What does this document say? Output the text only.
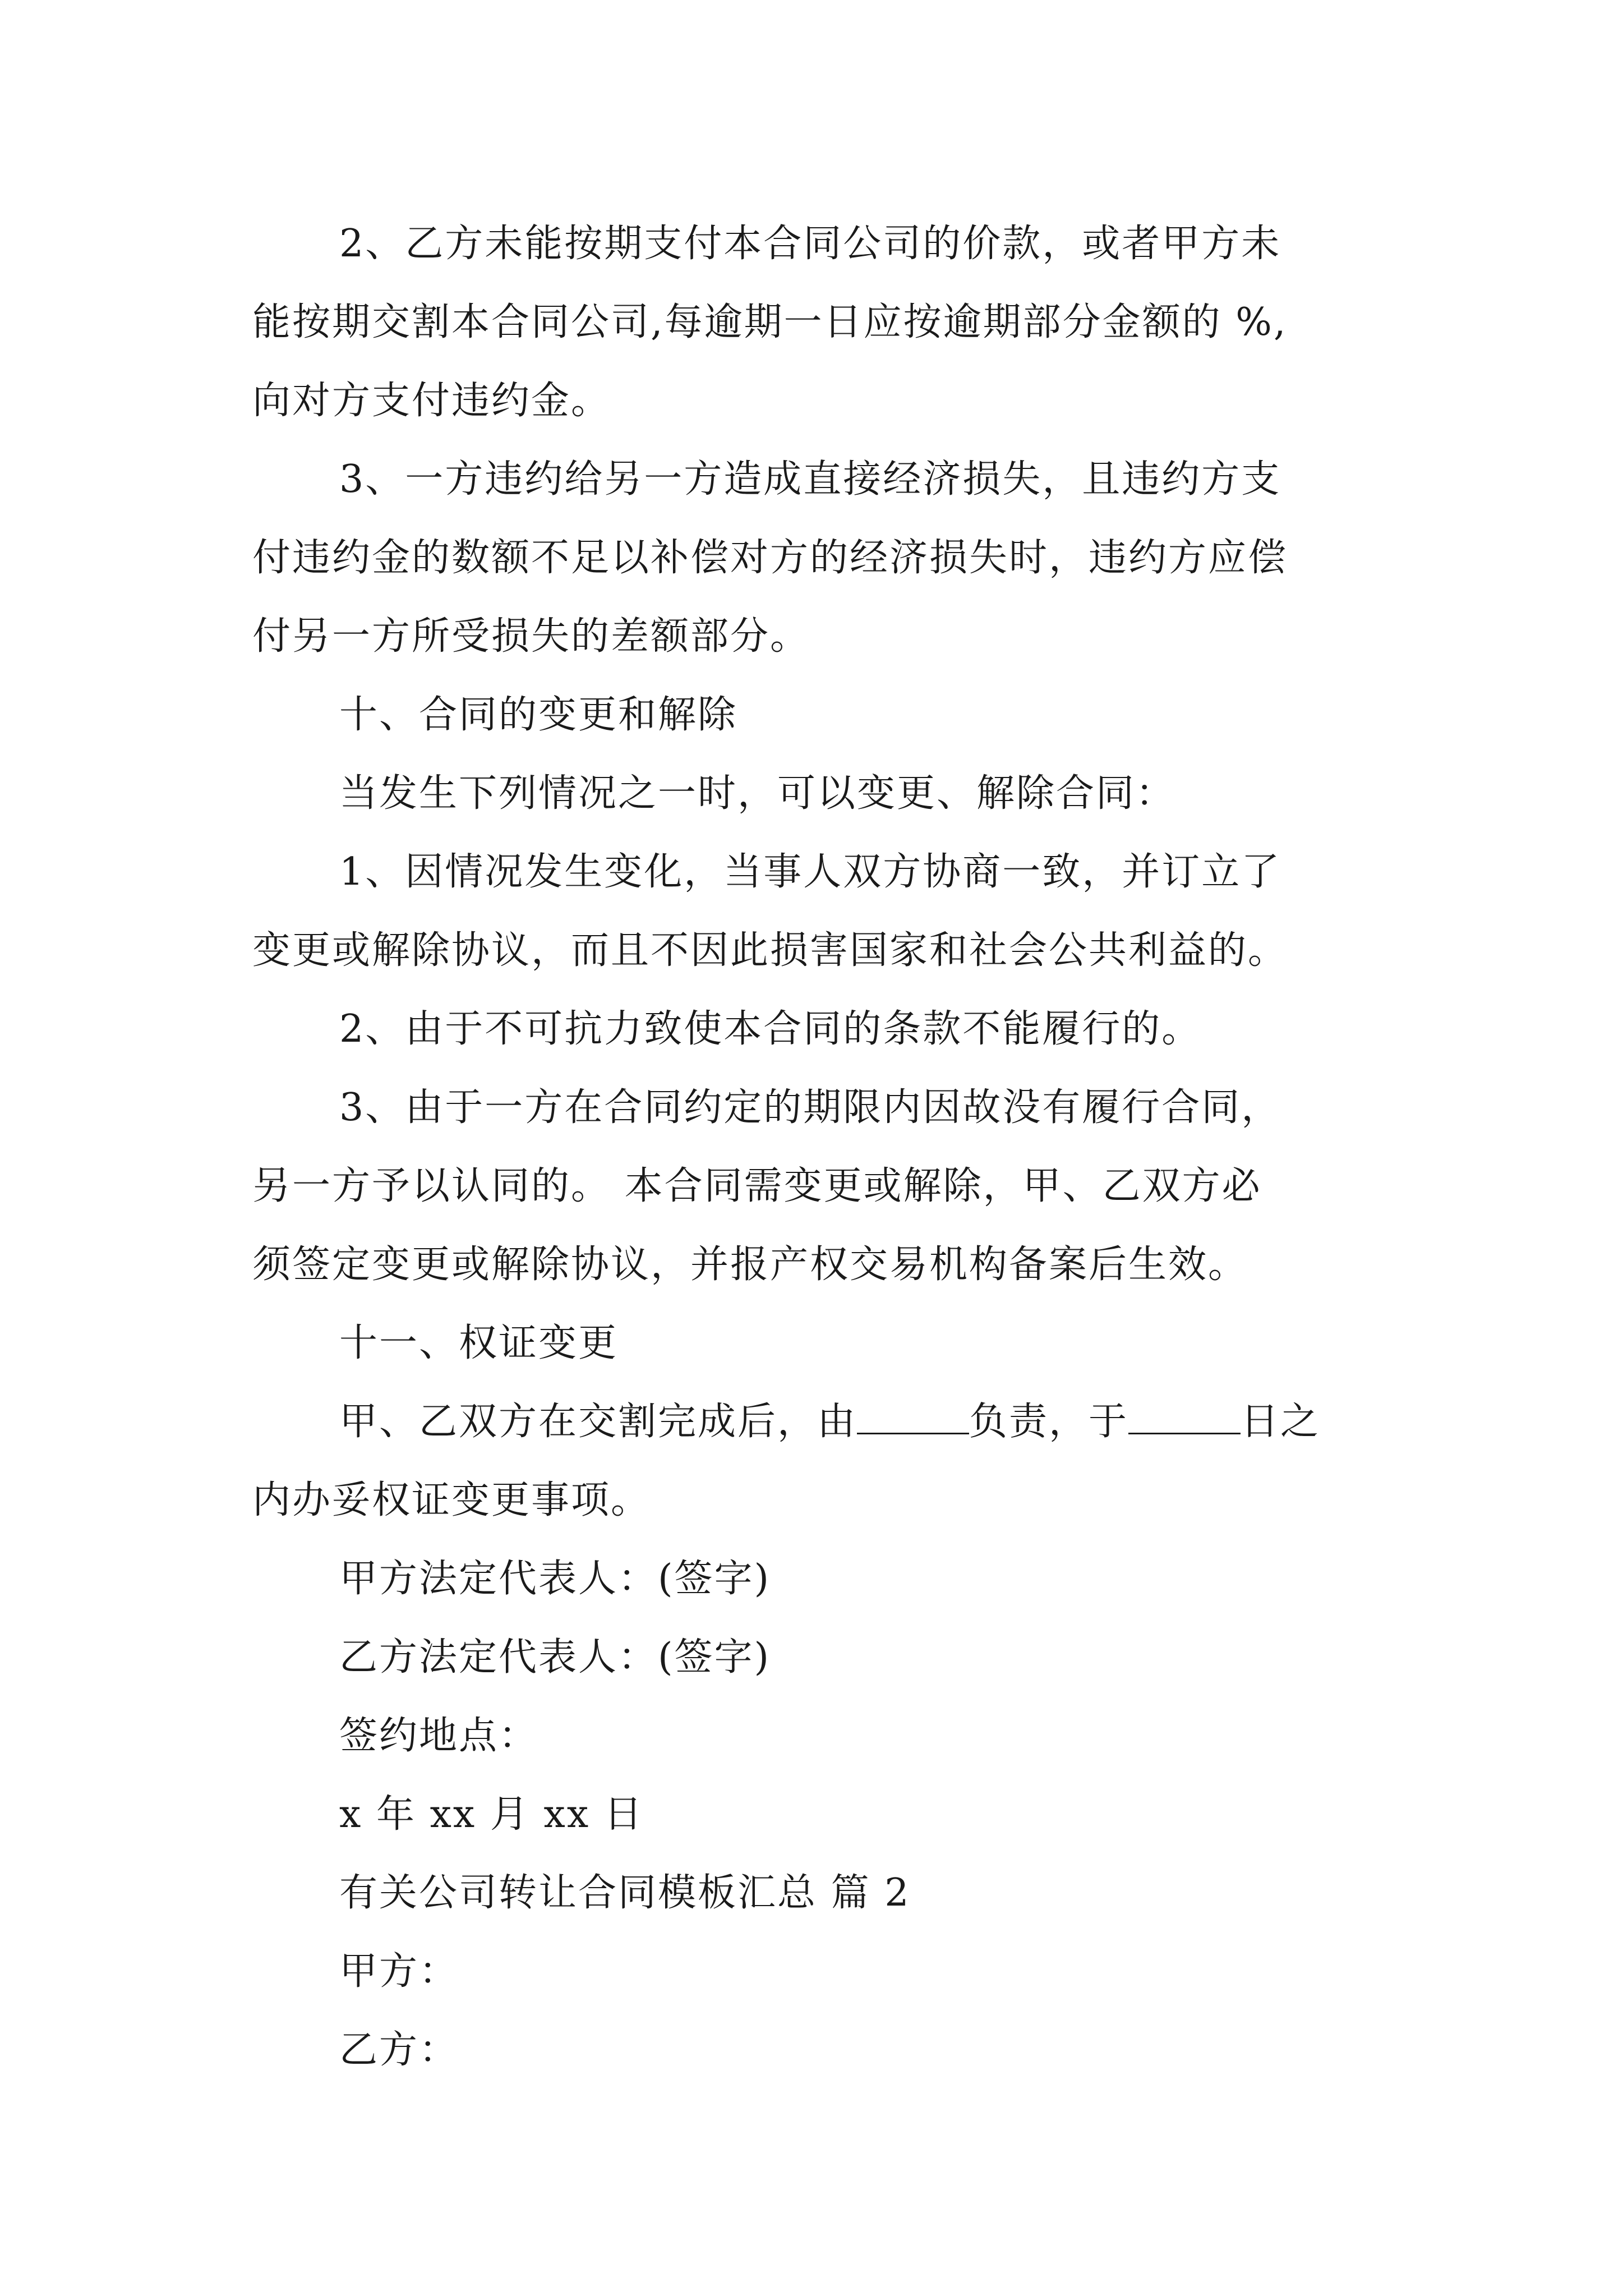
2、乙方未能按期支付本合同公司的价款，或者甲方未
能按期交割本合同公司,每逾期一日应按逾期部分金额的 %,
向对方支付违约金。
3、一方违约给另一方造成直接经济损失，且违约方支
付违约金的数额不足以补偿对方的经济损失时，违约方应偿
付另一方所受损失的差额部分。
十、合同的变更和解除
当发生下列情况之一时，可以变更、解除合同：
1、因情况发生变化，当事人双方协商一致，并订立了
变更或解除协议，而且不因此损害国家和社会公共利益的。
2、由于不可抗力致使本合同的条款不能履行的。
3、由于一方在合同约定的期限内因故没有履行合同，
另一方予以认同的。 本合同需变更或解除，甲、乙双方必
须签定变更或解除协议，并报产权交易机构备案后生效。
十一、权证变更
甲、乙双方在交割完成后，由	负责，于	日之
内办妥权证变更事项。
甲方法定代表人：(签字)
乙方法定代表人：(签字)
签约地点：
x 年 xx 月 xx 日
有关公司转让合同模板汇总 篇 2
甲方：
乙方：
